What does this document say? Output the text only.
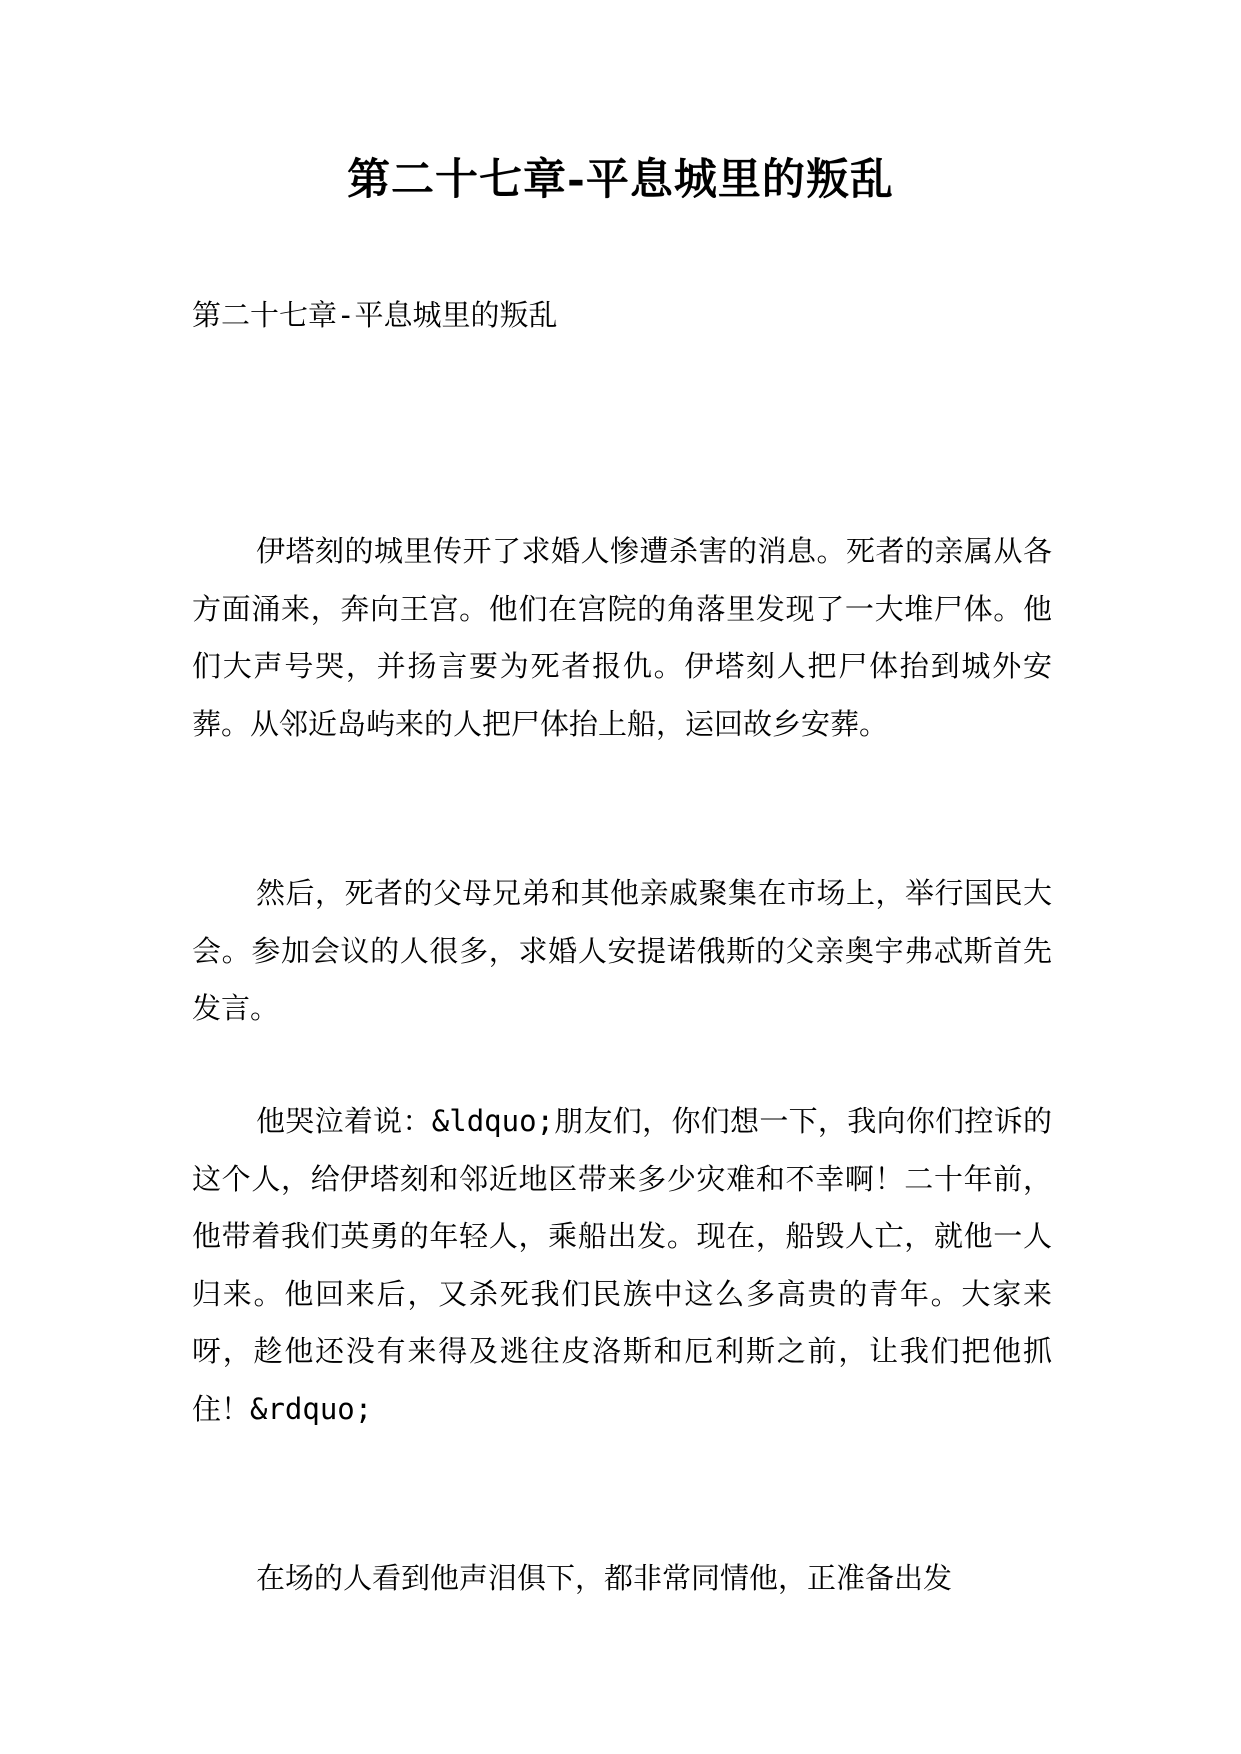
第二十七章-平息城里的叛乱

第二十七章-平息城里的叛乱

伊塔刻的城里传开了求婚人惨遭杀害的消息。死者的亲属从各方面涌来，奔向王宫。他们在宫院的角落里发现了一大堆尸体。他们大声号哭，并扬言要为死者报仇。伊塔刻人把尸体抬到城外安葬。从邻近岛屿来的人把尸体抬上船，运回故乡安葬。

然后，死者的父母兄弟和其他亲戚聚集在市场上，举行国民大会。参加会议的人很多，求婚人安提诺俄斯的父亲奥宇弗忒斯首先发言。

他哭泣着说：&ldquo;朋友们，你们想一下，我向你们控诉的这个人，给伊塔刻和邻近地区带来多少灾难和不幸啊！二十年前，他带着我们英勇的年轻人，乘船出发。现在，船毁人亡，就他一人归来。他回来后，又杀死我们民族中这么多高贵的青年。大家来呀，趁他还没有来得及逃往皮洛斯和厄利斯之前，让我们把他抓住！&rdquo;

在场的人看到他声泪俱下，都非常同情他，正准备出发
